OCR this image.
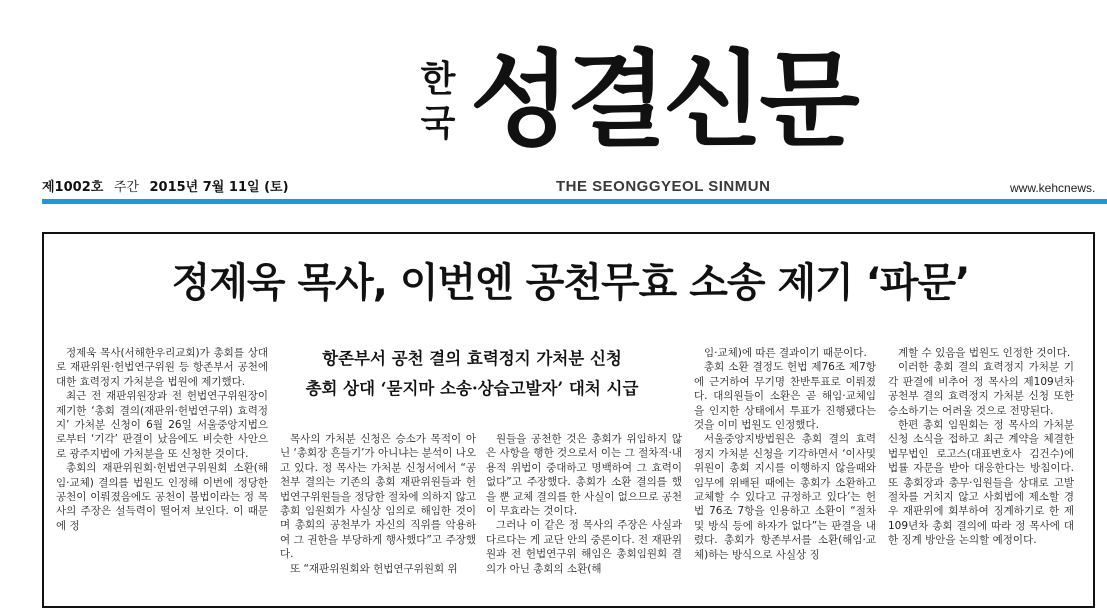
한국 성결신문
제1002호 주간 2015년 7월 11일 (토)	THE SEONGGYEOL SINMUN	www.kehcnews.
정제욱 목사, 이번엔 공천무효 소송 제기 ‘파문’

정제욱 목사(서해한우리교회)가 총회를 상대로 재판위원·헌법연구위원 등 항존부서 공천에 대한 효력정지 가처분을 법원에 제기했다.

최근 전 재판위원장과 전 헌법연구위원장이 제기한 ‘총회 결의(재판위·헌법연구위) 효력정지’ 가처분 신청이 6월 26일 서울중앙지법으로부터 ‘기각’ 판결이 났음에도 비슷한 사안으로 광주지법에 가처분을 또 신청한 것이다.

총회의 재판위원회·헌법연구위원회 소환(해임·교체) 결의를 법원도 인정해 이번에 정당한 공천이 이뤄졌음에도 공천이 불법이라는 정 목사의 주장은 설득력이 떨어져 보인다. 이 때문에 정

항존부서 공천 결의 효력정지 가처분 신청
총회 상대 ‘묻지마 소송·상습고발자’ 대처 시급

목사의 가처분 신청은 승소가 목적이 아닌 ‘총회장 흔들기’가 아니냐는 분석이 나오고 있다. 정 목사는 가처분 신청서에서 “공천부 결의는 기존의 총회 재판위원들과 헌법연구위원들을 정당한 절차에 의하지 않고 총회 임원회가 사실상 임의로 해임한 것이며 총회의 공천부가 자신의 직위를 악용하여 그 권한을 부당하게 행사했다”고 주장했다.

또 “재판위원회와 헌법연구위원회 위

원들을 공천한 것은 총회가 위임하지 않은 사항을 행한 것으로서 이는 그 절차적·내용적 위법이 중대하고 명백하여 그 효력이 없다”고 주장했다. 총회가 소환 결의를 했을 뿐 교체 결의를 한 사실이 없으므로 공천이 무효라는 것이다.

그러나 이 같은 정 목사의 주장은 사실과 다르다는 게 교단 안의 중론이다. 전 재판위원과 전 헌법연구위 해임은 총회임원회 결의가 아닌 총회의 소환(해

임·교체)에 따른 결과이기 때문이다.

총회 소환 결정도 헌법 제76조 제7항에 근거하여 무기명 찬반투표로 이뤄졌다. 대의원들이 소환은 곧 해임·교체임을 인지한 상태에서 투표가 진행됐다는 것을 이미 법원도 인정했다.

서울중앙지방법원은 총회 결의 효력정지 가처분 신청을 기각하면서 ‘이사및 위원이 총회 지시를 이행하지 않을때와 임무에 위배된 때에는 총회가 소환하고 교체할 수 있다고 규정하고 있다’는 헌법 76조 7항을 인용하고 소환이 “절차 및 방식 등에 하자가 없다”는 판결을 내렸다. 총회가 항존부서를 소환(해임·교체)하는 방식으로 사실상 징

계할 수 있음을 법원도 인정한 것이다.

이러한 총회 결의 효력정지 가처분 기각 판결에 비추어 정 목사의 제109년차 공천부 결의 효력정지 가처분 신청 또한 승소하기는 어려울 것으로 전망된다.

한편 총회 임원회는 정 목사의 가처분 신청 소식을 접하고 최근 계약을 체결한 법무법인 로고스(대표변호사 김건수)에 법률 자문을 받아 대응한다는 방침이다. 또 총회장과 총무·임원들을 상대로 고발 절차를 거치지 않고 사회법에 제소할 경우 재판위에 회부하여 징계하기로 한 제109년차 총회 결의에 따라 정 목사에 대한 징계 방안을 논의할 예정이다.
